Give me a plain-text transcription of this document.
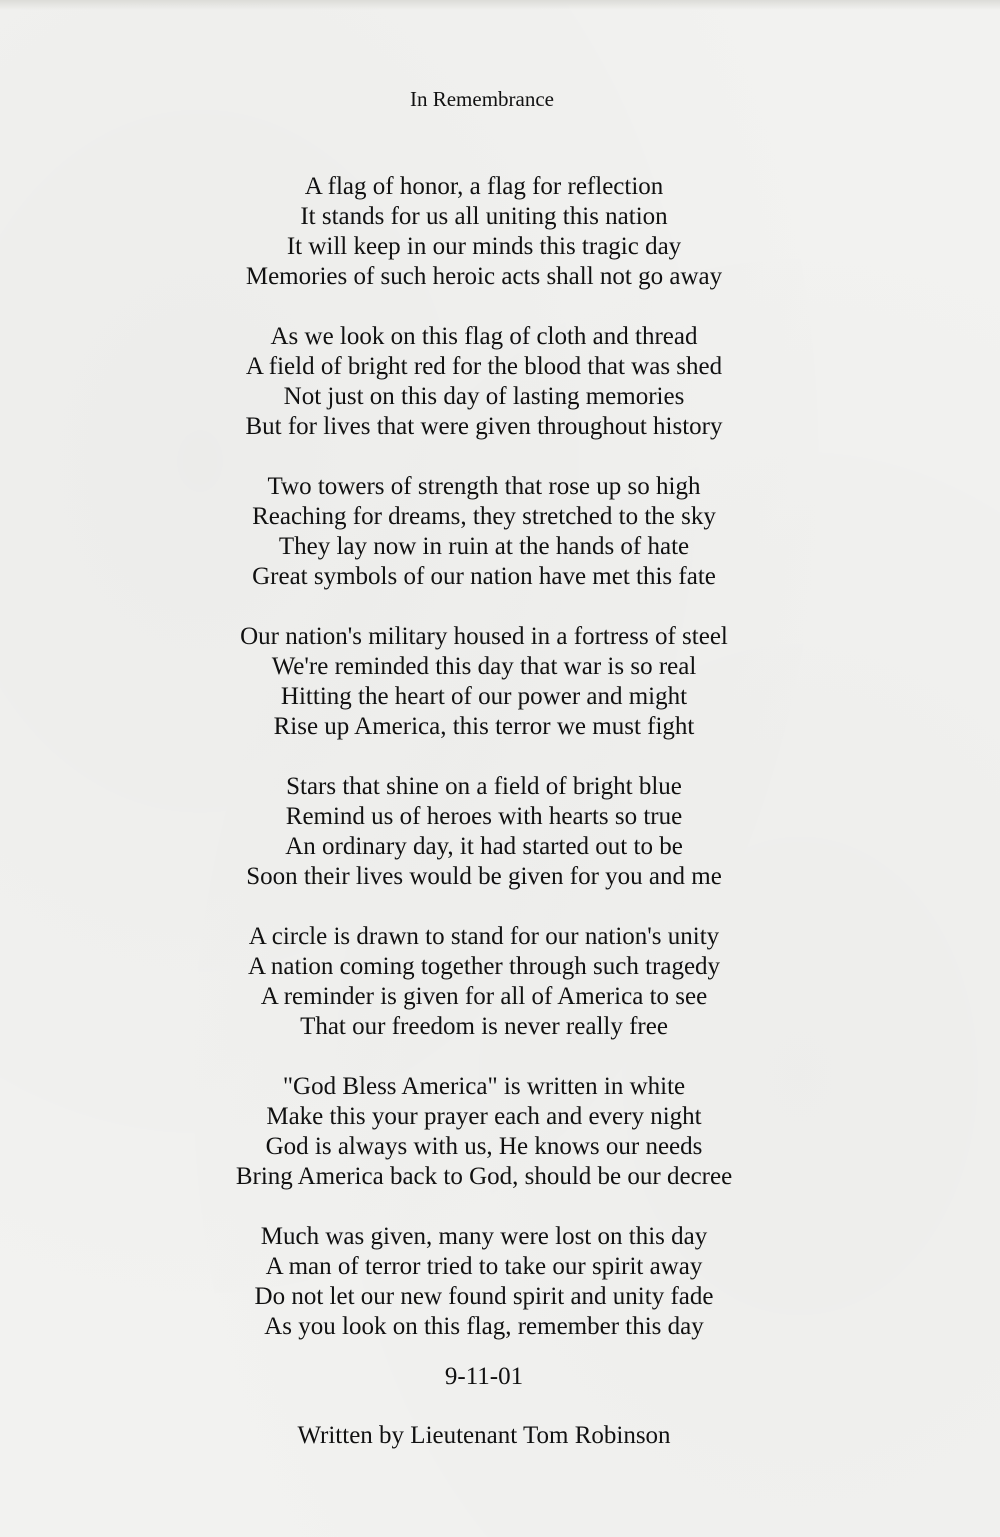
In Remembrance
A flag of honor, a flag for reflection
It stands for us all uniting this nation
It will keep in our minds this tragic day
Memories of such heroic acts shall not go away
As we look on this flag of cloth and thread
A field of bright red for the blood that was shed
Not just on this day of lasting memories
But for lives that were given throughout history
Two towers of strength that rose up so high
Reaching for dreams, they stretched to the sky
They lay now in ruin at the hands of hate
Great symbols of our nation have met this fate
Our nation's military housed in a fortress of steel
We're reminded this day that war is so real
Hitting the heart of our power and might
Rise up America, this terror we must fight
Stars that shine on a field of bright blue
Remind us of heroes with hearts so true
An ordinary day, it had started out to be
Soon their lives would be given for you and me
A circle is drawn to stand for our nation's unity
A nation coming together through such tragedy
A reminder is given for all of America to see
That our freedom is never really free
"God Bless America" is written in white
Make this your prayer each and every night
God is always with us, He knows our needs
Bring America back to God, should be our decree
Much was given, many were lost on this day
A man of terror tried to take our spirit away
Do not let our new found spirit and unity fade
As you look on this flag, remember this day
9-11-01
Written by Lieutenant Tom Robinson
